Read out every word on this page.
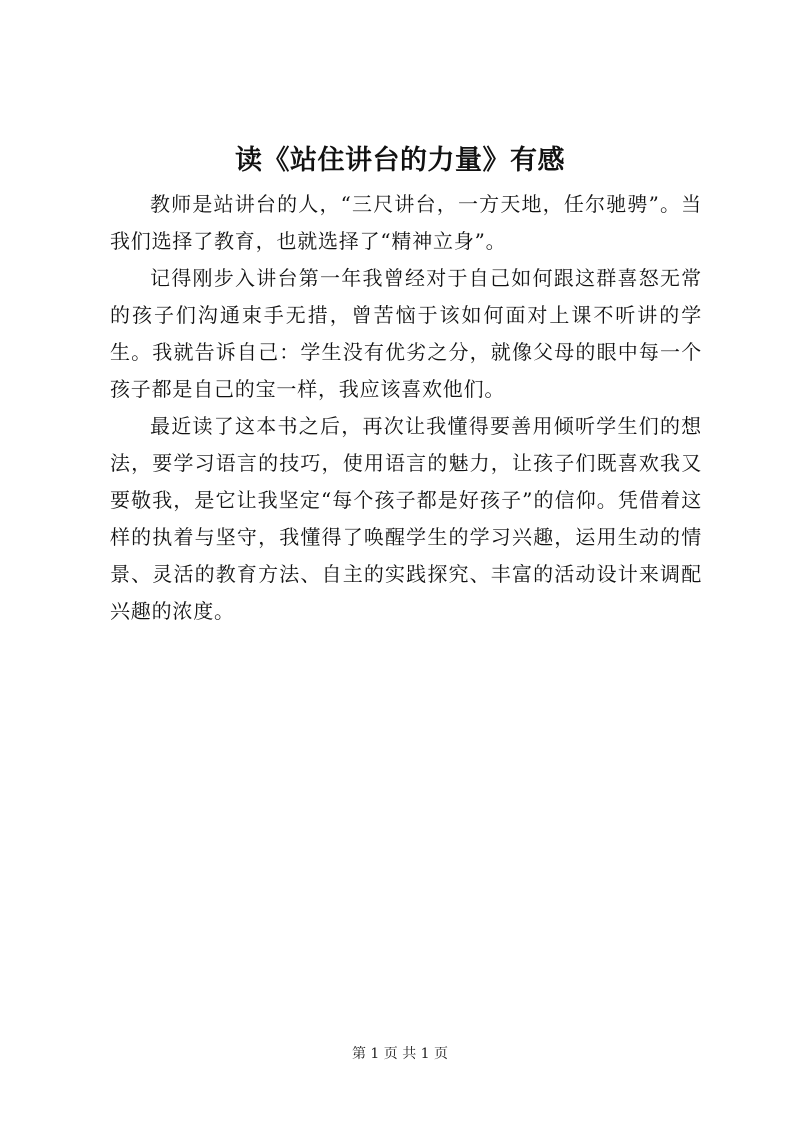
读《站住讲台的力量》有感

教师是站讲台的人，“三尺讲台，一方天地，任尔驰骋”。当我们选择了教育，也就选择了“精神立身”。

记得刚步入讲台第一年我曾经对于自己如何跟这群喜怒无常的孩子们沟通束手无措，曾苦恼于该如何面对上课不听讲的学生。我就告诉自己：学生没有优劣之分，就像父母的眼中每一个孩子都是自己的宝一样，我应该喜欢他们。

最近读了这本书之后，再次让我懂得要善用倾听学生们的想法，要学习语言的技巧，使用语言的魅力，让孩子们既喜欢我又要敬我，是它让我坚定“每个孩子都是好孩子”的信仰。凭借着这样的执着与坚守，我懂得了唤醒学生的学习兴趣，运用生动的情景、灵活的教育方法、自主的实践探究、丰富的活动设计来调配兴趣的浓度。

第 1 页 共 1 页
